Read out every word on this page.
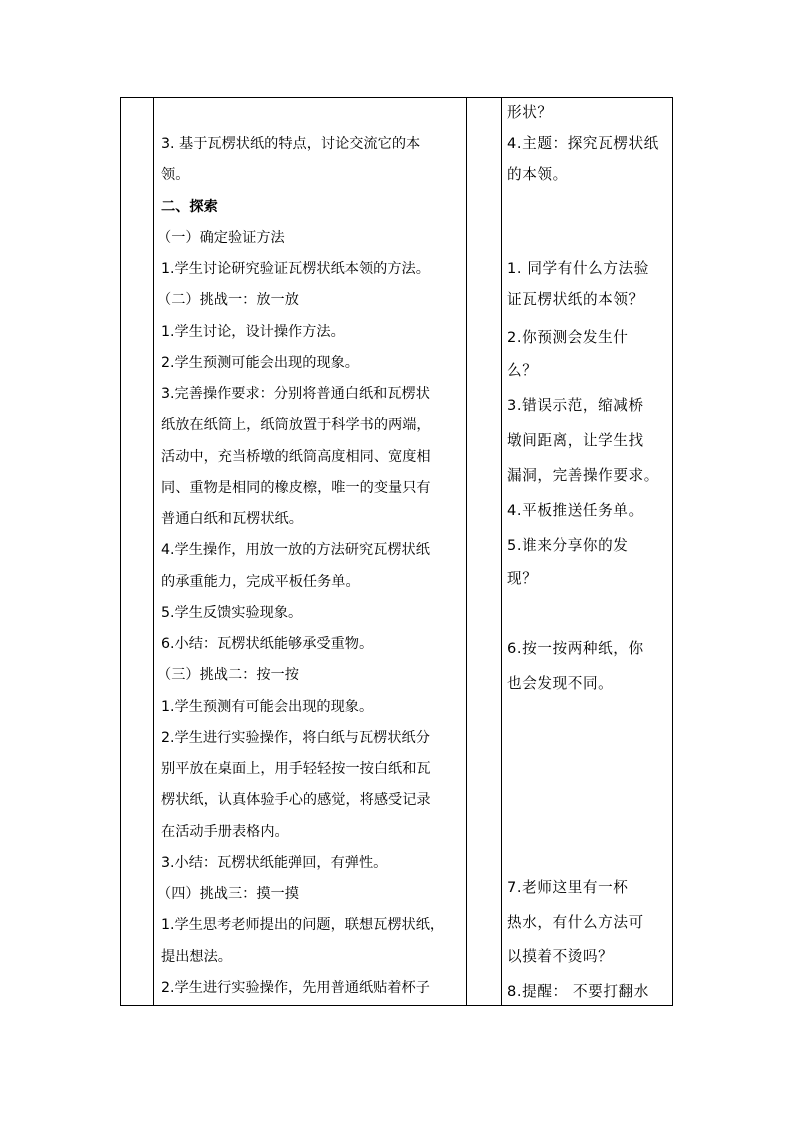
3. 基于瓦楞状纸的特点，讨论交流它的本
领。
二、探索
（一）确定验证方法
1.学生讨论研究验证瓦楞状纸本领的方法。
（二）挑战一：放一放
1.学生讨论，设计操作方法。
2.学生预测可能会出现的现象。
3.完善操作要求：分别将普通白纸和瓦楞状
纸放在纸筒上，纸筒放置于科学书的两端，
活动中，充当桥墩的纸筒高度相同、宽度相
同、重物是相同的橡皮檫，唯一的变量只有
普通白纸和瓦楞状纸。
4.学生操作，用放一放的方法研究瓦楞状纸
的承重能力，完成平板任务单。
5.学生反馈实验现象。
6.小结：瓦楞状纸能够承受重物。
（三）挑战二：按一按
1.学生预测有可能会出现的现象。
2.学生进行实验操作，将白纸与瓦楞状纸分
别平放在桌面上，用手轻轻按一按白纸和瓦
楞状纸，认真体验手心的感觉，将感受记录
在活动手册表格内。
3.小结：瓦楞状纸能弹回，有弹性。
（四）挑战三：摸一摸
1.学生思考老师提出的问题，联想瓦楞状纸，
提出想法。
2.学生进行实验操作，先用普通纸贴着杯子
形状？
4.主题：探究瓦楞状纸
的本领。
1. 同学有什么方法验
证瓦楞状纸的本领？
2.你预测会发生什
么？
3.错误示范，缩减桥
墩间距离，让学生找
漏洞，完善操作要求。
4.平板推送任务单。
5.谁来分享你的发
现？
6.按一按两种纸，你
也会发现不同。
7.老师这里有一杯
热水，有什么方法可
以摸着不烫吗？
8.提醒： 不要打翻水
